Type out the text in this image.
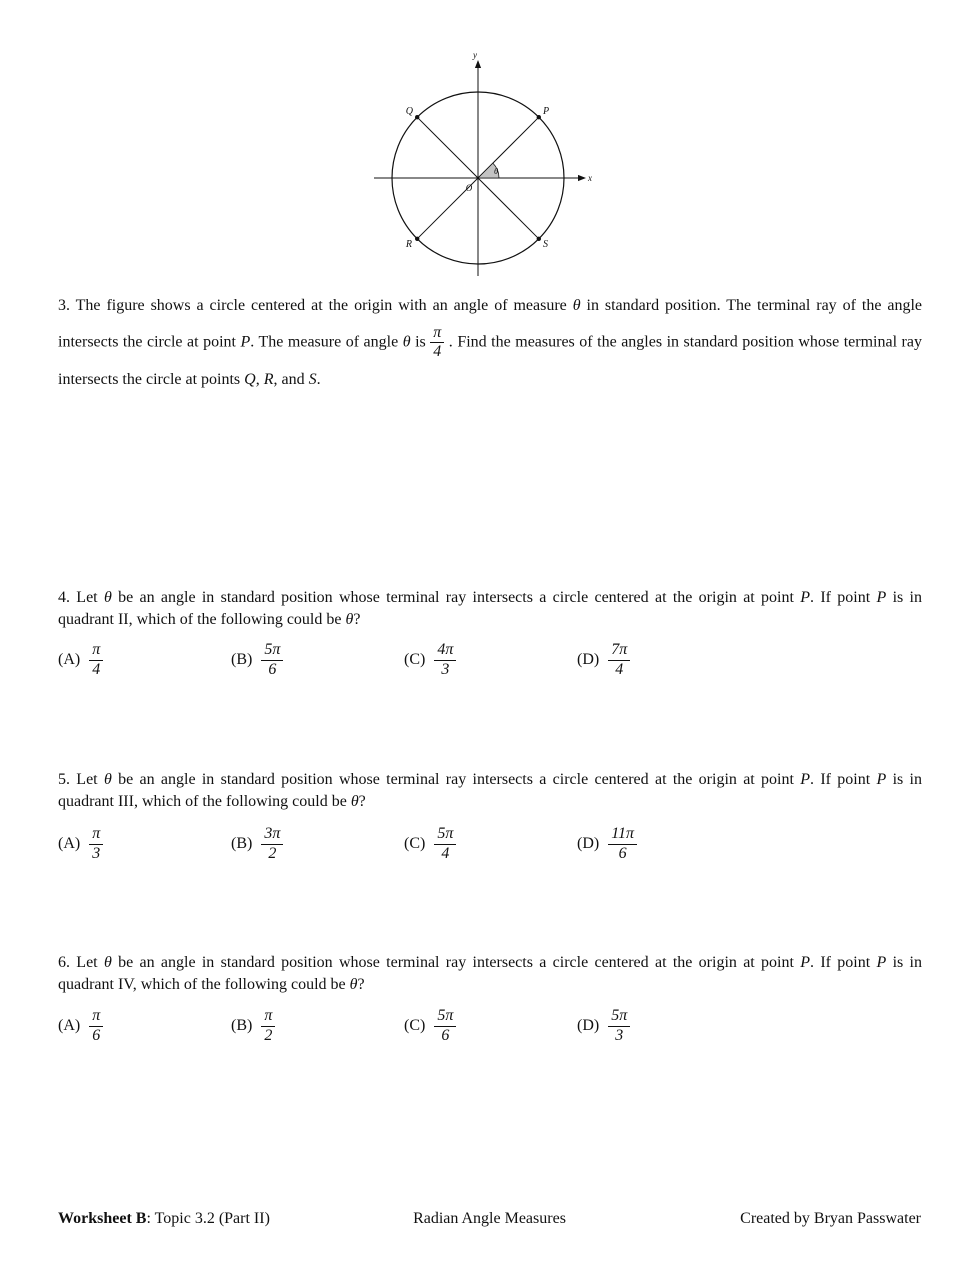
y
x
P
Q
R	S
O
θ

3. The figure shows a circle centered at the origin with an angle of measure θ in standard position. The terminal ray of the angle intersects the circle at point P. The measure of angle θ is $\frac{\pi}{4}$ . Find the measures of the angles in standard position whose terminal ray intersects the circle at points Q, R, and S.

4. Let θ be an angle in standard position whose terminal ray intersects a circle centered at the origin at point P. If point P is in quadrant II, which of the following could be θ?

$(A) \frac{\pi}{4}$	$(B) \frac{5\pi}{6}$	$(C) \frac{4\pi}{3}$	$(D) \frac{7\pi}{4}$

5. Let θ be an angle in standard position whose terminal ray intersects a circle centered at the origin at point P. If point P is in quadrant III, which of the following could be θ?

$(A) \frac{\pi}{3}$	$(B) \frac{3\pi}{2}$	$(C) \frac{5\pi}{4}$	$(D) \frac{11\pi}{6}$

6. Let θ be an angle in standard position whose terminal ray intersects a circle centered at the origin at point P. If point P is in quadrant IV, which of the following could be θ?

$(A) \frac{\pi}{6}$	$(B) \frac{\pi}{2}$	$(C) \frac{5\pi}{6}$	$(D) \frac{5\pi}{3}$
Worksheet B: Topic 3.2 (Part II)	Radian Angle Measures	Created by Bryan Passwater
